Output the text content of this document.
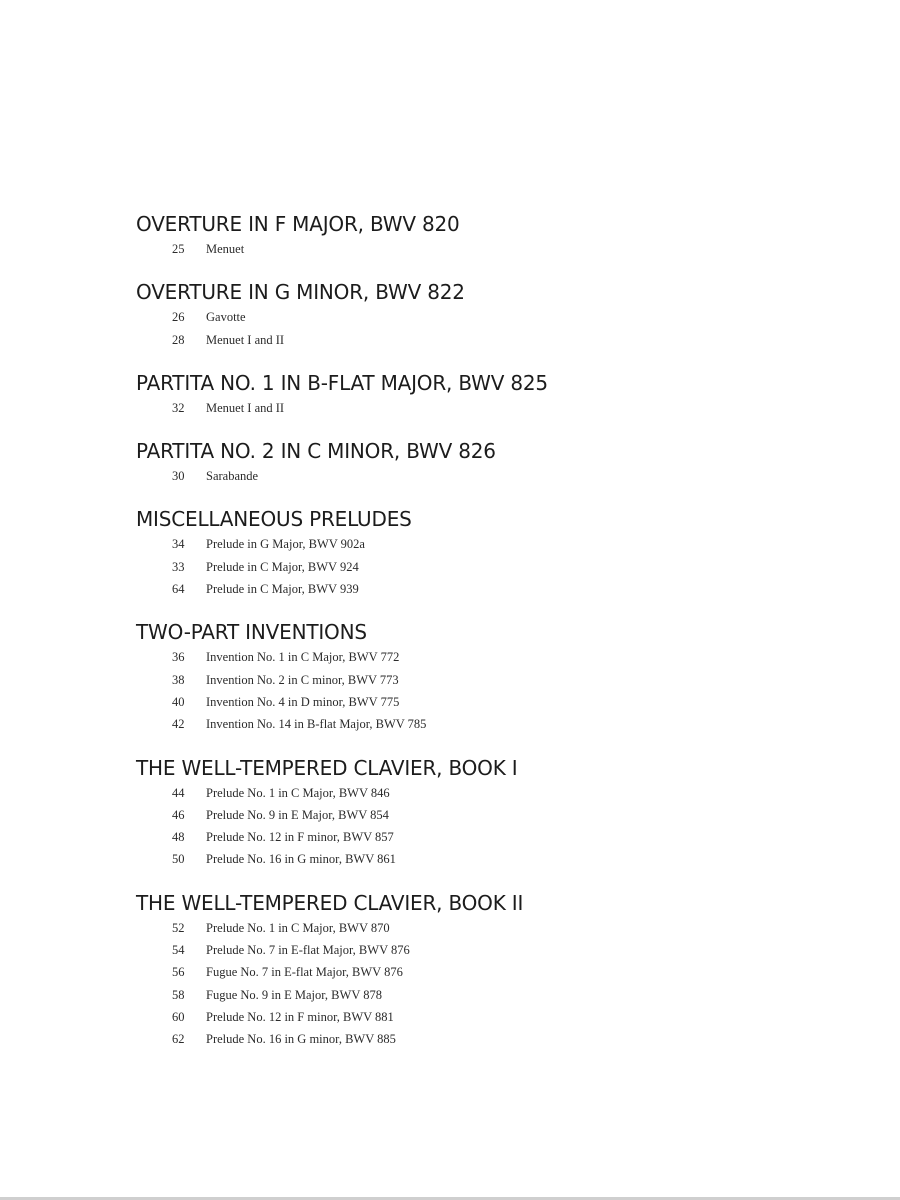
OVERTURE IN F MAJOR, BWV 820
25	Menuet
OVERTURE IN G MINOR, BWV 822
26	Gavotte
28	Menuet I and II
PARTITA NO. 1 IN B-FLAT MAJOR, BWV 825
32	Menuet I and II
PARTITA NO. 2 IN C MINOR, BWV 826
30	Sarabande
MISCELLANEOUS PRELUDES
34	Prelude in G Major, BWV 902a
33	Prelude in C Major, BWV 924
64	Prelude in C Major, BWV 939
TWO-PART INVENTIONS
36	Invention No. 1 in C Major, BWV 772
38	Invention No. 2 in C minor, BWV 773
40	Invention No. 4 in D minor, BWV 775
42	Invention No. 14 in B-flat Major, BWV 785
THE WELL-TEMPERED CLAVIER, BOOK I
44	Prelude No. 1 in C Major, BWV 846
46	Prelude No. 9 in E Major, BWV 854
48	Prelude No. 12 in F minor, BWV 857
50	Prelude No. 16 in G minor, BWV 861
THE WELL-TEMPERED CLAVIER, BOOK II
52	Prelude No. 1 in C Major, BWV 870
54	Prelude No. 7 in E-flat Major, BWV 876
56	Fugue No. 7 in E-flat Major, BWV 876
58	Fugue No. 9 in E Major, BWV 878
60	Prelude No. 12 in F minor, BWV 881
62	Prelude No. 16 in G minor, BWV 885
